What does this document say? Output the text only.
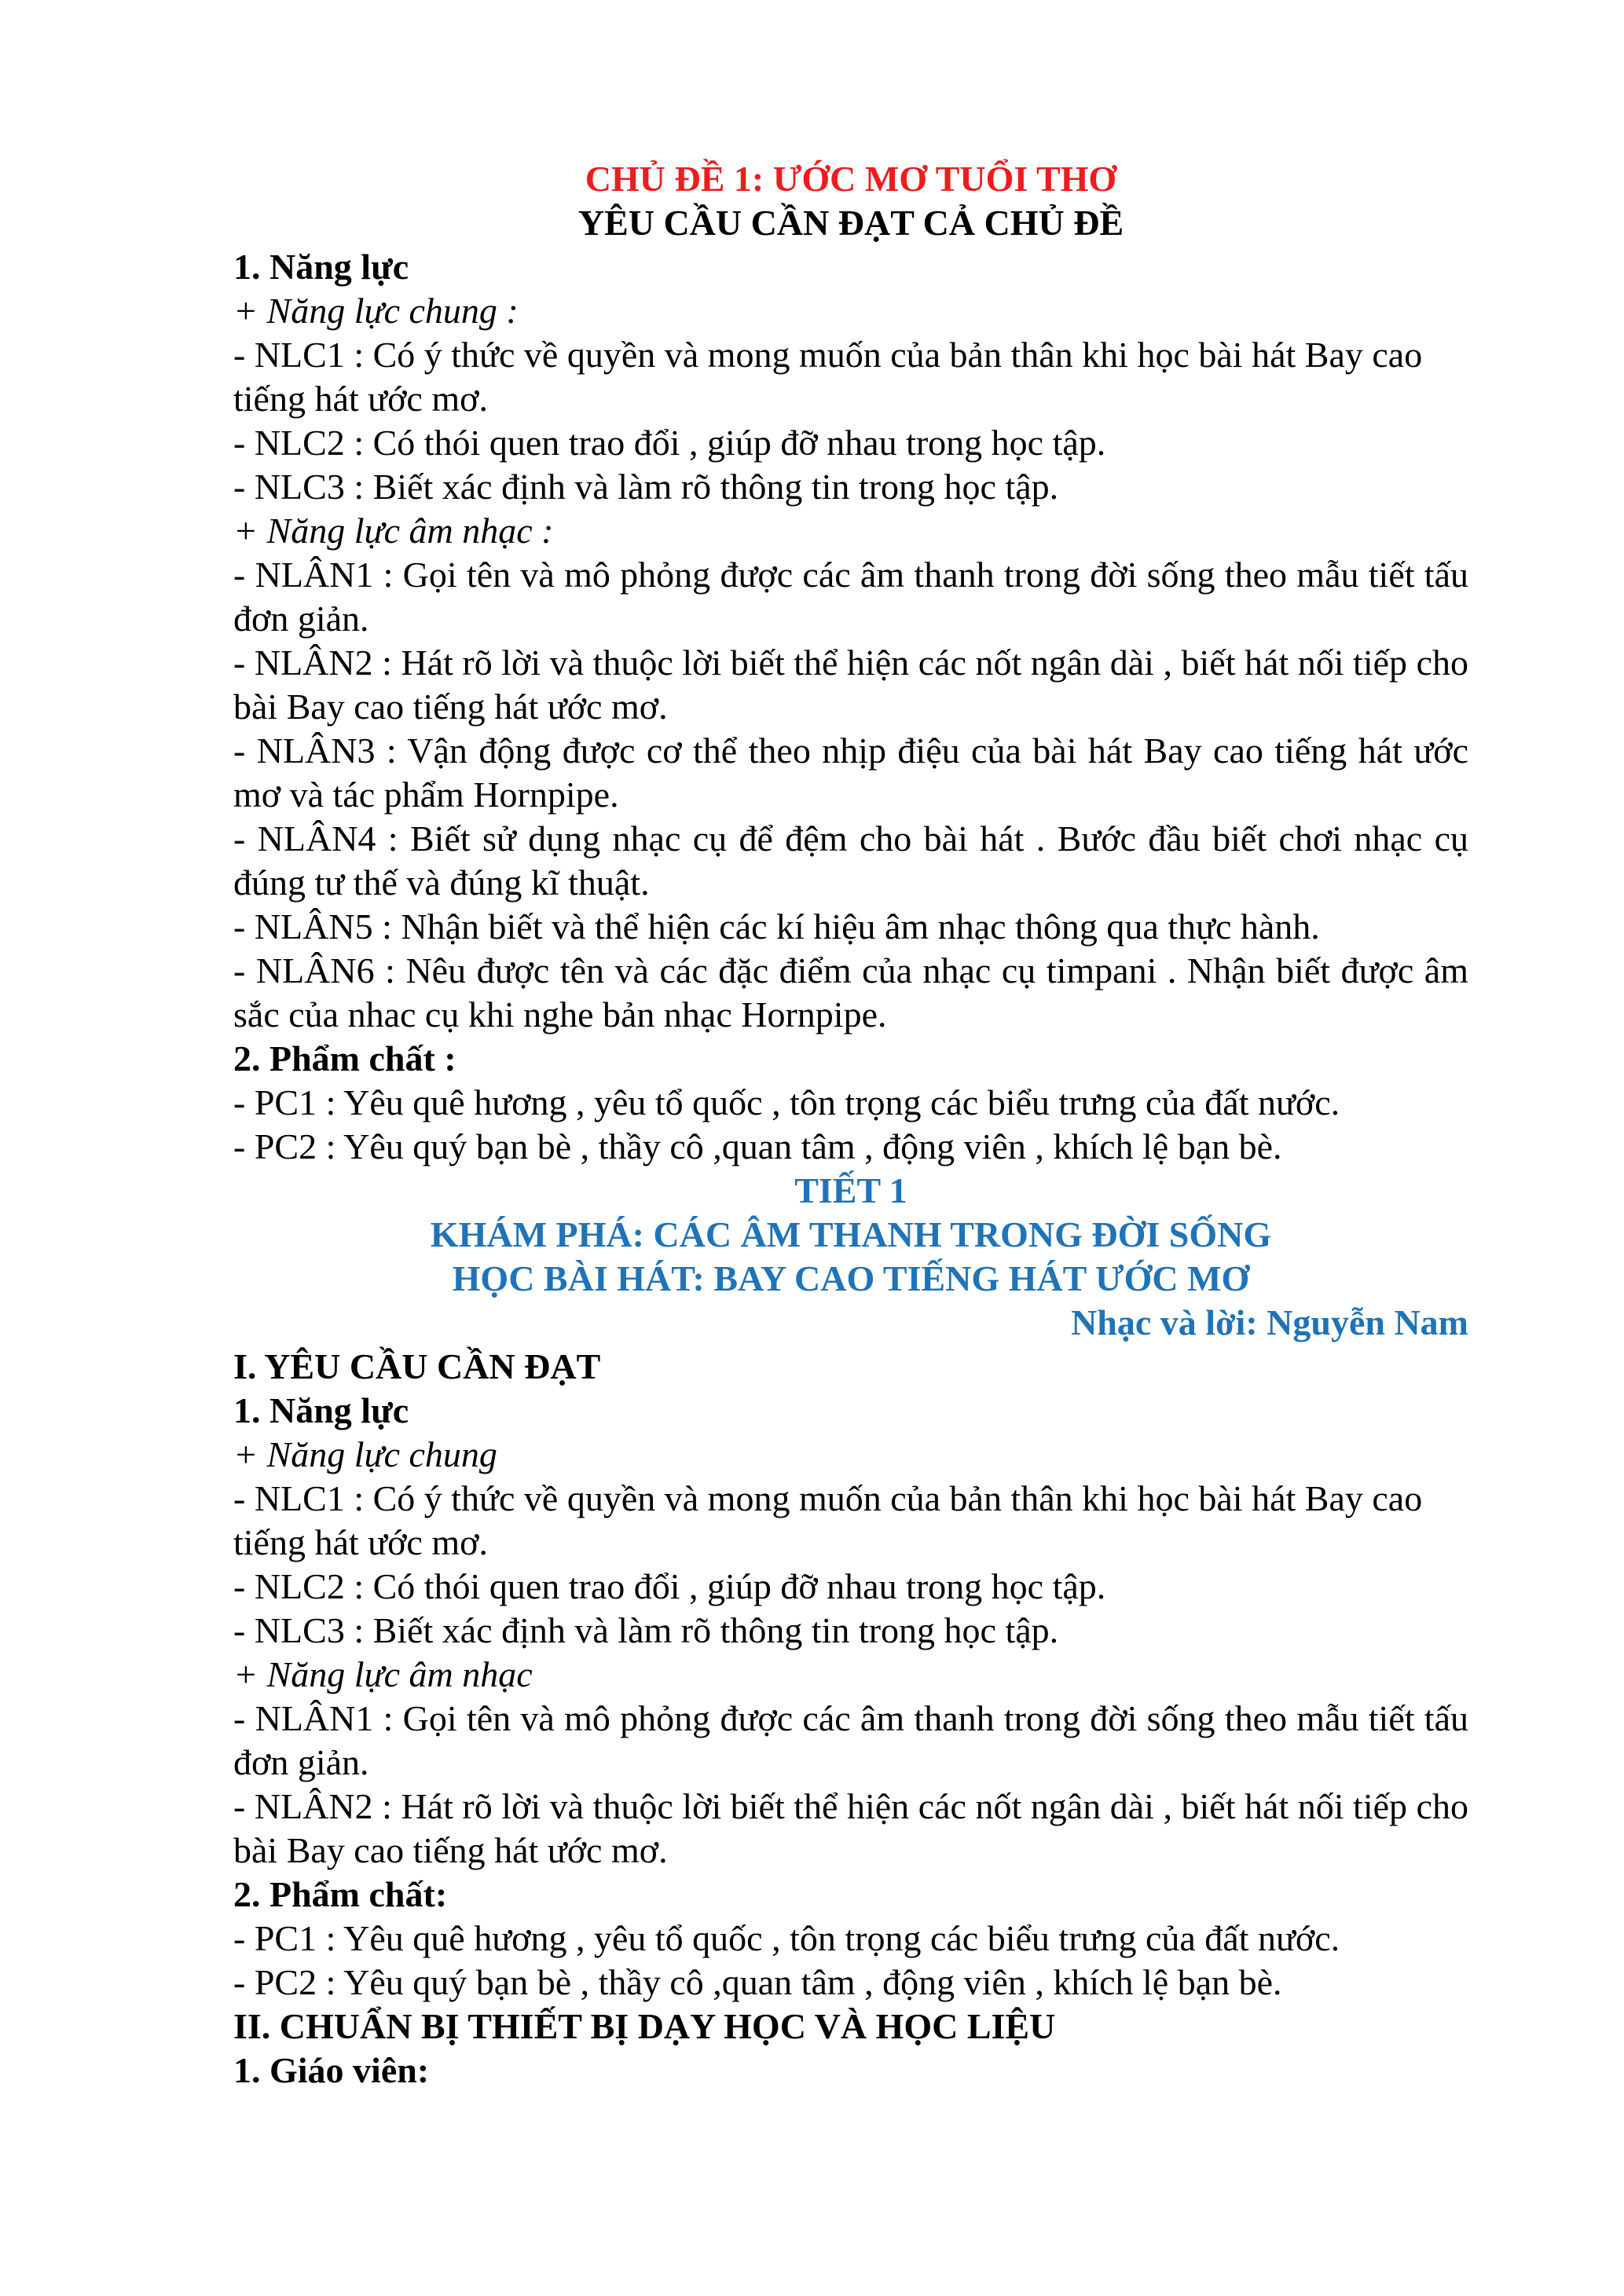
CHỦ ĐỀ 1: ƯỚC MƠ TUỔI THƠ
YÊU CẦU CẦN ĐẠT CẢ CHỦ ĐỀ
1. Năng lực
+ Năng lực chung :
- NLC1 : Có ý thức về quyền và mong muốn của bản thân khi học bài hát Bay cao tiếng hát ước mơ.
- NLC2 : Có thói quen trao đổi , giúp đỡ nhau trong học tập.
- NLC3 : Biết xác định và làm rõ thông tin trong học tập.
+ Năng lực âm nhạc :
- NLÂN1 : Gọi tên và mô phỏng được các âm thanh trong đời sống theo mẫu tiết tấu đơn giản.
- NLÂN2 : Hát rõ lời và thuộc lời biết thể hiện các nốt ngân dài , biết hát nối tiếp cho bài Bay cao tiếng hát ước mơ.
- NLÂN3 : Vận động được cơ thể theo nhịp điệu của bài hát Bay cao tiếng hát ước mơ và tác phẩm Hornpipe.
- NLÂN4 : Biết sử dụng nhạc cụ để đệm cho bài hát . Bước đầu biết chơi nhạc cụ đúng tư thế và đúng kĩ thuật.
- NLÂN5 : Nhận biết và thể hiện các kí hiệu âm nhạc thông qua thực hành.
- NLÂN6 : Nêu được tên và các đặc điểm của nhạc cụ timpani . Nhận biết được âm sắc của nhac cụ khi nghe bản nhạc Hornpipe.
2. Phẩm chất :
- PC1 : Yêu quê hương , yêu tổ quốc , tôn trọng các biểu trưng của đất nước.
- PC2 : Yêu quý bạn bè , thầy cô ,quan tâm , động viên , khích lệ bạn bè.
TIẾT 1
KHÁM PHÁ: CÁC ÂM THANH TRONG ĐỜI SỐNG
HỌC BÀI HÁT: BAY CAO TIẾNG HÁT ƯỚC MƠ
Nhạc và lời: Nguyễn Nam
I. YÊU CẦU CẦN ĐẠT
1. Năng lực
+ Năng lực chung
- NLC1 : Có ý thức về quyền và mong muốn của bản thân khi học bài hát Bay cao tiếng hát ước mơ.
- NLC2 : Có thói quen trao đổi , giúp đỡ nhau trong học tập.
- NLC3 : Biết xác định và làm rõ thông tin trong học tập.
+ Năng lực âm nhạc
- NLÂN1 : Gọi tên và mô phỏng được các âm thanh trong đời sống theo mẫu tiết tấu đơn giản.
- NLÂN2 : Hát rõ lời và thuộc lời biết thể hiện các nốt ngân dài , biết hát nối tiếp cho bài Bay cao tiếng hát ước mơ.
2. Phẩm chất:
- PC1 : Yêu quê hương , yêu tổ quốc , tôn trọng các biểu trưng của đất nước.
- PC2 : Yêu quý bạn bè , thầy cô ,quan tâm , động viên , khích lệ bạn bè.
II. CHUẨN BỊ THIẾT BỊ DẠY HỌC VÀ HỌC LIỆU
1. Giáo viên:
